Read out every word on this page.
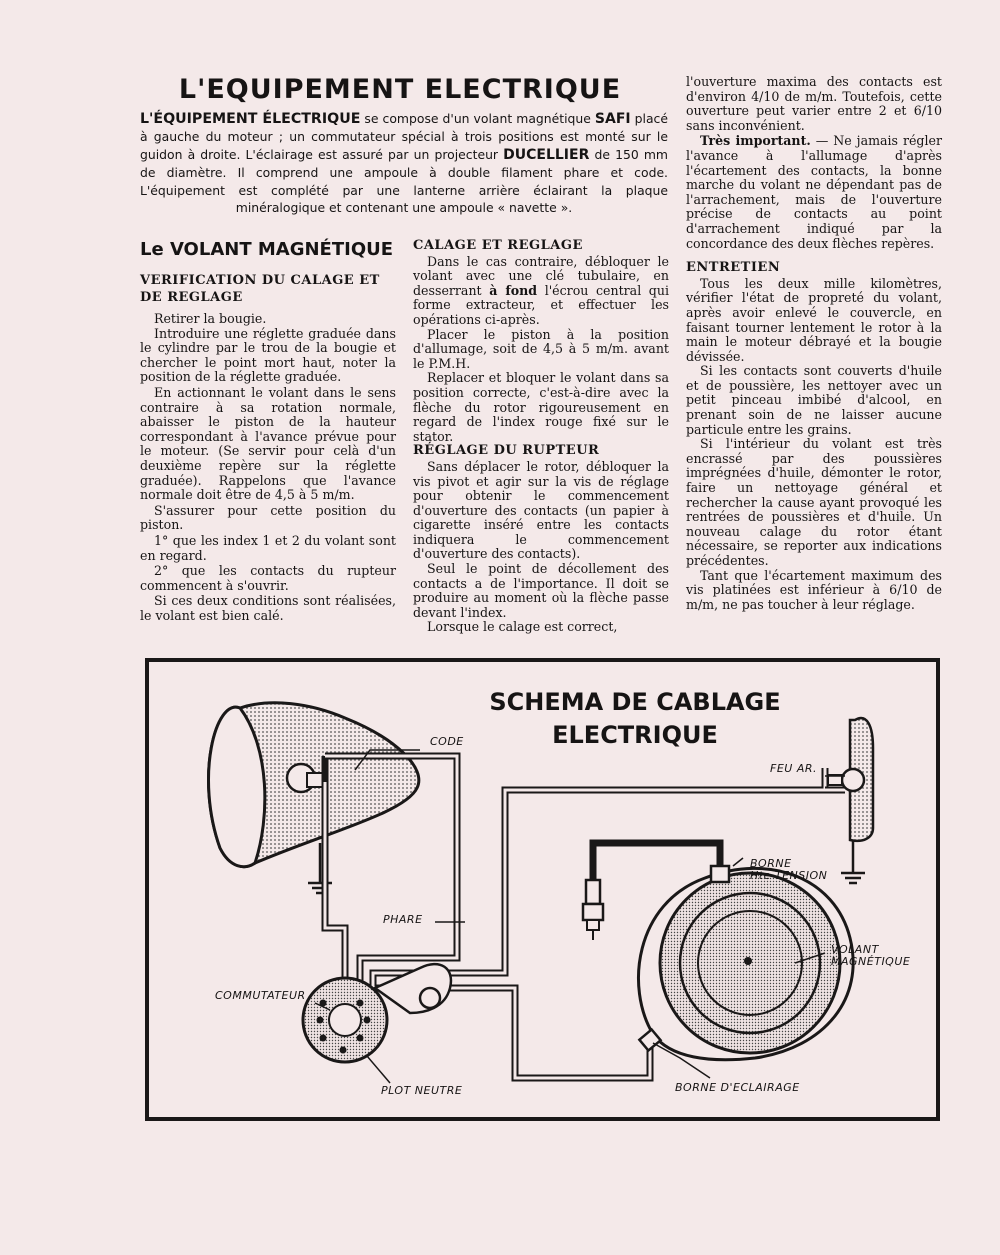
L'EQUIPEMENT ELECTRIQUE
L'ÉQUIPEMENT ÉLECTRIQUE se compose d'un volant magnétique SAFI placé à gauche du moteur ; un commutateur spécial à trois positions est monté sur le guidon à droite. L'éclairage est assuré par un projecteur DUCELLIER de 150 mm de diamètre. Il comprend une ampoule à double filament phare et code. L'équipement est complété par une lanterne arrière éclairant la plaque minéralogique et contenant une ampoule « navette ».
Le VOLANT MAGNÉTIQUE
VERIFICATION DU CALAGE ET DE REGLAGE

Retirer la bougie.

Introduire une réglette graduée dans le cylindre par le trou de la bougie et chercher le point mort haut, noter la position de la réglette graduée.

En actionnant le volant dans le sens contraire à sa rotation normale, abaisser le piston de la hauteur correspondant à l'avance prévue pour le moteur. (Se servir pour celà d'un deuxième repère sur la réglette graduée). Rappelons que l'avance normale doit être de 4,5 à 5 m/m.

S'assurer pour cette position du piston.

1° que les index 1 et 2 du volant sont en regard.

2° que les contacts du rupteur commencent à s'ouvrir.

Si ces deux conditions sont réalisées, le volant est bien calé.

CALAGE ET REGLAGE

Dans le cas contraire, débloquer le volant avec une clé tubulaire, en desserrant à fond l'écrou central qui forme extracteur, et effectuer les opérations ci-après.

Placer le piston à la position d'allumage, soit de 4,5 à 5 m/m. avant le P.M.H.

Replacer et bloquer le volant dans sa position correcte, c'est-à-dire avec la flèche du rotor rigoureusement en regard de l'index rouge fixé sur le stator.

RÉGLAGE DU RUPTEUR

Sans déplacer le rotor, débloquer la vis pivot et agir sur la vis de réglage pour obtenir le commencement d'ouverture des contacts (un papier à cigarette inséré entre les contacts indiquera le commencement d'ouverture des contacts).

Seul le point de décollement des contacts a de l'importance. Il doit se produire au moment où la flèche passe devant l'index.

Lorsque le calage est correct,

l'ouverture maxima des contacts est d'environ 4/10 de m/m. Toutefois, cette ouverture peut varier entre 2 et 6/10 sans inconvénient.

Très important. — Ne jamais régler l'avance à l'allumage d'après l'écartement des contacts, la bonne marche du volant ne dépendant pas de l'arrachement, mais de l'ouverture précise de contacts au point d'arrachement indiqué par la concordance des deux flèches repères.

ENTRETIEN

Tous les deux mille kilomètres, vérifier l'état de propreté du volant, après avoir enlevé le couvercle, en faisant tourner lentement le rotor à la main le moteur débrayé et la bougie dévissée.

Si les contacts sont couverts d'huile et de poussière, les nettoyer avec un petit pinceau imbibé d'alcool, en prenant soin de ne laisser aucune particule entre les grains.

Si l'intérieur du volant est très encrassé par des poussières imprégnées d'huile, démonter le rotor, faire un nettoyage général et rechercher la cause ayant provoqué les rentrées de poussières et d'huile. Un nouveau calage du rotor étant nécessaire, se reporter aux indications précédentes.

Tant que l'écartement maximum des vis platinées est inférieur à 6/10 de m/m, ne pas toucher à leur réglage.

SCHEMA DE CABLAGE
ELECTRIQUE
CODE
PHARE
COMMUTATEUR
PLOT NEUTRE	BORNE D'ECLAIRAGE
BORNE
Hte TENSION
VOLANT
MAGNÉTIQUE
FEU AR.
